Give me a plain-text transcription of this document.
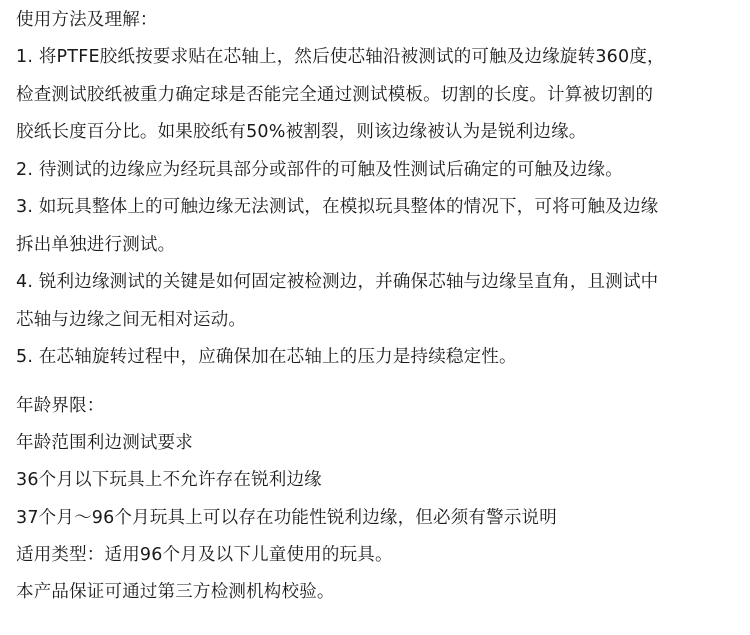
使用方法及理解：
1. 将PTFE胶纸按要求贴在芯轴上，然后使芯轴沿被测试的可触及边缘旋转360度，
检查测试胶纸被重力确定球是否能完全通过测试模板。切割的长度。计算被切割的
胶纸长度百分比。如果胶纸有50%被割裂，则该边缘被认为是锐利边缘。
2. 待测试的边缘应为经玩具部分或部件的可触及性测试后确定的可触及边缘。
3. 如玩具整体上的可触边缘无法测试，在模拟玩具整体的情况下，可将可触及边缘
拆出单独进行测试。
4. 锐利边缘测试的关键是如何固定被检测边，并确保芯轴与边缘呈直角，且测试中
芯轴与边缘之间无相对运动。
5. 在芯轴旋转过程中，应确保加在芯轴上的压力是持续稳定性。
年龄界限：
年龄范围利边测试要求
36个月以下玩具上不允许存在锐利边缘
37个月～96个月玩具上可以存在功能性锐利边缘，但必须有警示说明
适用类型：适用96个月及以下儿童使用的玩具。
本产品保证可通过第三方检测机构校验。
